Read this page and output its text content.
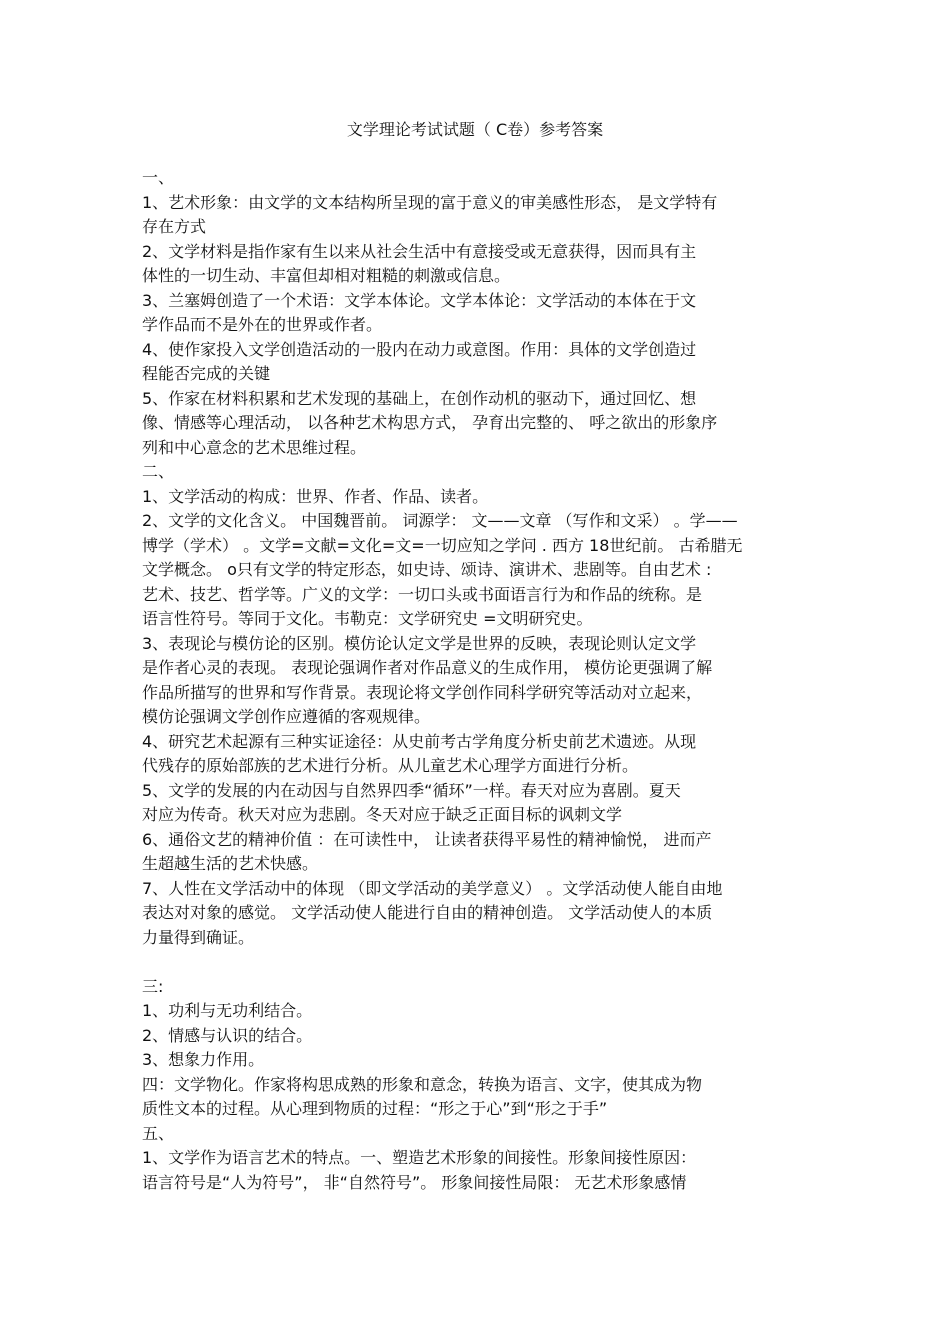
文学理论考试试题（ C卷）参考答案
一、
1、艺术形象：由文学的文本结构所呈现的富于意义的审美感性形态， 是文学特有
存在方式
2、文学材料是指作家有生以来从社会生活中有意接受或无意获得，因而具有主
体性的一切生动、丰富但却相对粗糙的刺激或信息。
3、兰塞姆创造了一个术语：文学本体论。文学本体论：文学活动的本体在于文
学作品而不是外在的世界或作者。
4、使作家投入文学创造活动的一股内在动力或意图。作用：具体的文学创造过
程能否完成的关键
5、作家在材料积累和艺术发现的基础上，在创作动机的驱动下，通过回忆、想
像、情感等心理活动， 以各种艺术构思方式， 孕育出完整的、 呼之欲出的形象序
列和中心意念的艺术思维过程。
二、
1、文学活动的构成：世界、作者、作品、读者。
2、文学的文化含义。 中国魏晋前。 词源学： 文——文章 （写作和文采） 。学——
博学（学术） 。文学=文献=文化=文=一切应知之学问 . 西方 18世纪前。 古希腊无
文学概念。 o只有文学的特定形态，如史诗、颂诗、演讲术、悲剧等。自由艺术 :
艺术、技艺、哲学等。广义的文学：一切口头或书面语言行为和作品的统称。是
语言性符号。等同于文化。韦勒克：文学研究史 =文明研究史。
3、表现论与模仿论的区别。模仿论认定文学是世界的反映，表现论则认定文学
是作者心灵的表现。 表现论强调作者对作品意义的生成作用， 模仿论更强调了解
作品所描写的世界和写作背景。表现论将文学创作同科学研究等活动对立起来，
模仿论强调文学创作应遵循的客观规律。
4、研究艺术起源有三种实证途径：从史前考古学角度分析史前艺术遗迹。从现
代残存的原始部族的艺术进行分析。从儿童艺术心理学方面进行分析。
5、文学的发展的内在动因与自然界四季“循环”一样。春天对应为喜剧。夏天
对应为传奇。秋天对应为悲剧。冬天对应于缺乏正面目标的讽刺文学
6、通俗文艺的精神价值 ：在可读性中， 让读者获得平易性的精神愉悦， 进而产
生超越生活的艺术快感。
7、人性在文学活动中的体现 （即文学活动的美学意义） 。文学活动使人能自由地
表达对对象的感觉。 文学活动使人能进行自由的精神创造。 文学活动使人的本质
力量得到确证。
三:
1、功利与无功利结合。
2、情感与认识的结合。
3、想象力作用。
四：文学物化。作家将构思成熟的形象和意念，转换为语言、文字，使其成为物
质性文本的过程。从心理到物质的过程：“形之于心”到“形之于手”
五、
1、文学作为语言艺术的特点。一、塑造艺术形象的间接性。形象间接性原因：
语言符号是“人为符号”， 非“自然符号”。 形象间接性局限： 无艺术形象感情
